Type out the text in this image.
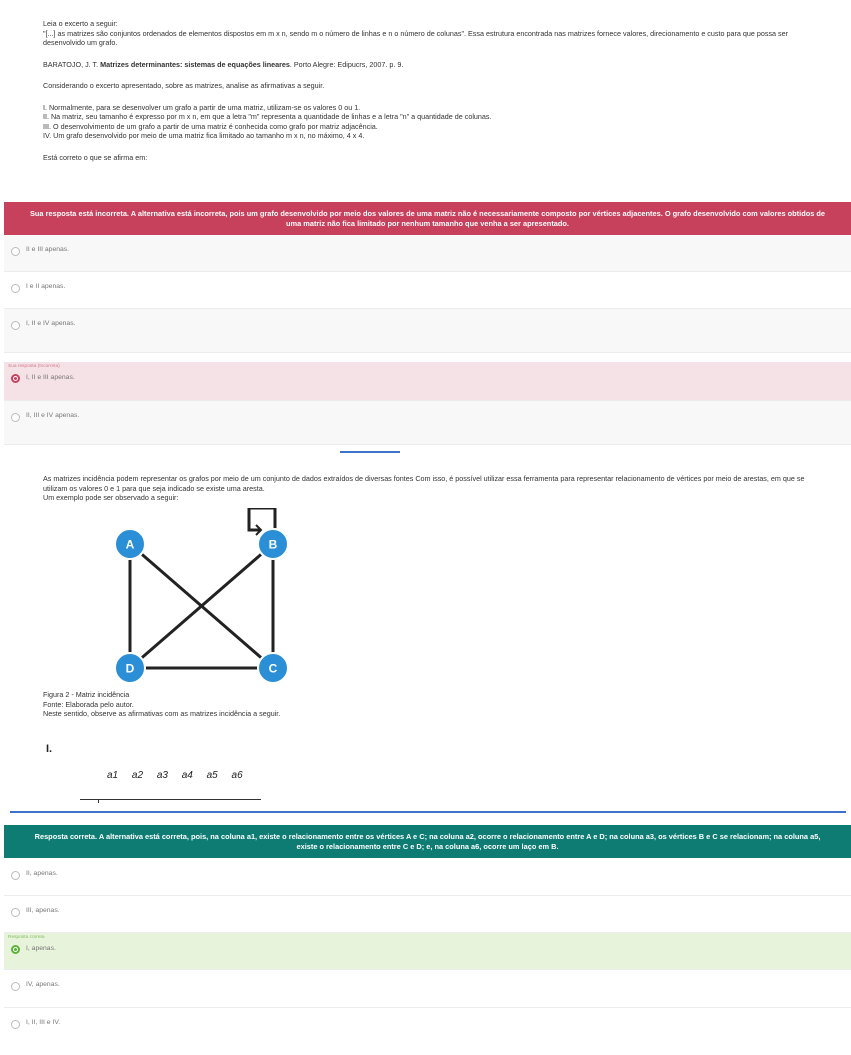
Leia o excerto a seguir:

"[...] as matrizes são conjuntos ordenados de elementos dispostos em m x n, sendo m o número de linhas e n o número de colunas". Essa estrutura encontrada nas matrizes fornece valores, direcionamento e custo para que possa ser desenvolvido um grafo.

BARATOJO, J. T. Matrizes determinantes: sistemas de equações lineares. Porto Alegre: Edipucrs, 2007. p. 9.

Considerando o excerto apresentado, sobre as matrizes, analise as afirmativas a seguir.

I. Normalmente, para se desenvolver um grafo a partir de uma matriz, utilizam-se os valores 0 ou 1.

II. Na matriz, seu tamanho é expresso por m x n, em que a letra "m" representa a quantidade de linhas e a letra "n" a quantidade de colunas.

III. O desenvolvimento de um grafo a partir de uma matriz é conhecida como grafo por matriz adjacência.

IV. Um grafo desenvolvido por meio de uma matriz fica limitado ao tamanho m x n, no máximo, 4 x 4.

Está correto o que se afirma em:

Sua resposta está incorreta. A alternativa está incorreta, pois um grafo desenvolvido por meio dos valores de uma matriz não é necessariamente composto por vértices adjacentes. O grafo desenvolvido com valores obtidos de uma matriz não fica limitado por nenhum tamanho que venha a ser apresentado.
II e III apenas.
I e II apenas.
I, II e IV apenas.
Sua resposta (Incorreta)
I, II e III apenas.
II, III e IV apenas.

As matrizes incidência podem representar os grafos por meio de um conjunto de dados extraídos de diversas fontes Com isso, é possível utilizar essa ferramenta para representar relacionamento de vértices por meio de arestas, em que se utilizam os valores 0 e 1 para que seja indicado se existe uma aresta.

Um exemplo pode ser observado a seguir:

A	B
C
D

Figura 2 - Matriz incidência

Fonte: Elaborada pelo autor.

Neste sentido, observe as afirmativas com as matrizes incidência a seguir.

I.
a1 a2 a3 a4 a5 a6
Resposta correta. A alternativa está correta, pois, na coluna a1, existe o relacionamento entre os vértices A e C; na coluna a2, ocorre o relacionamento entre A e D; na coluna a3, os vértices B e C se relacionam; na coluna a5, existe o relacionamento entre C e D; e, na coluna a6, ocorre um laço em B.
II, apenas.
III, apenas.
Resposta correta
I, apenas.
IV, apenas.
I, II, III e IV.
